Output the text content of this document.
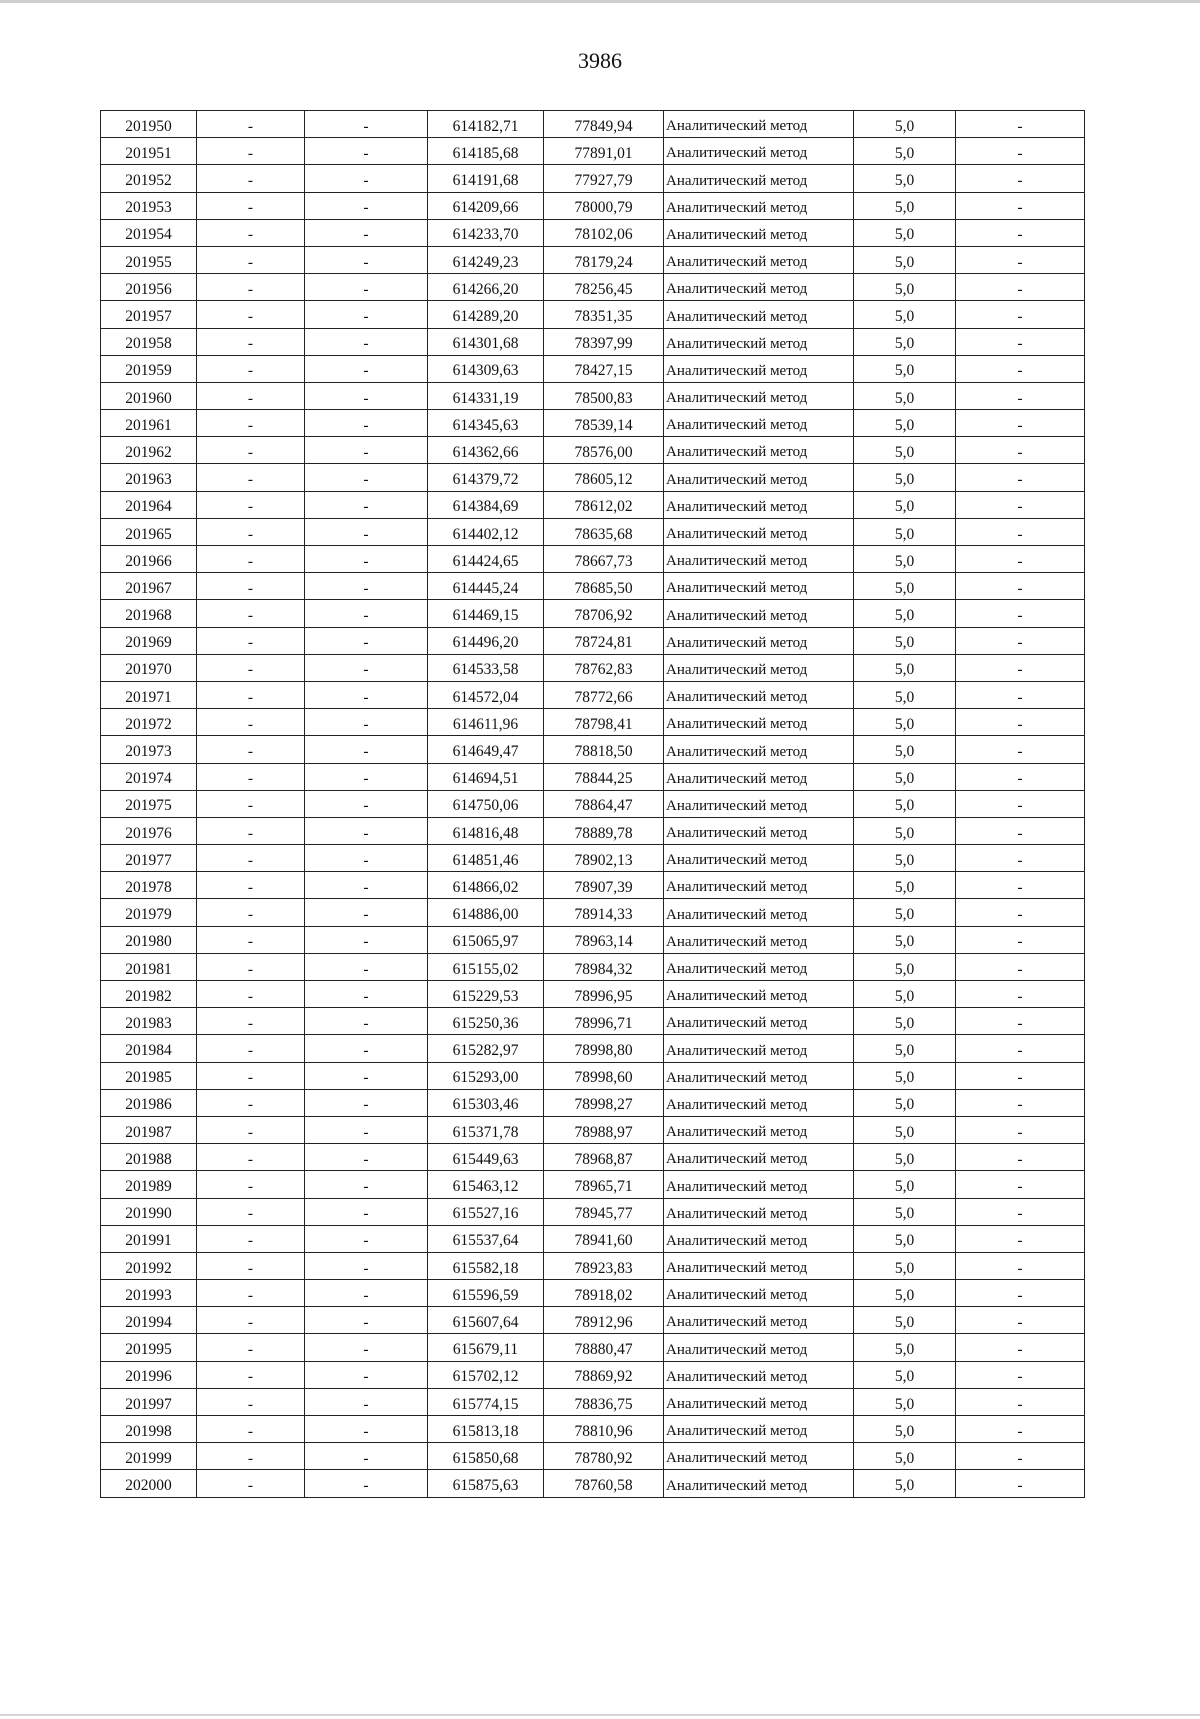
3986
201950	-	-	614182,71	77849,94	Аналитический метод	5,0	-
201951	-	-	614185,68	77891,01	Аналитический метод	5,0	-
201952	-	-	614191,68	77927,79	Аналитический метод	5,0	-
201953	-	-	614209,66	78000,79	Аналитический метод	5,0	-
201954	-	-	614233,70	78102,06	Аналитический метод	5,0	-
201955	-	-	614249,23	78179,24	Аналитический метод	5,0	-
201956	-	-	614266,20	78256,45	Аналитический метод	5,0	-
201957	-	-	614289,20	78351,35	Аналитический метод	5,0	-
201958	-	-	614301,68	78397,99	Аналитический метод	5,0	-
201959	-	-	614309,63	78427,15	Аналитический метод	5,0	-
201960	-	-	614331,19	78500,83	Аналитический метод	5,0	-
201961	-	-	614345,63	78539,14	Аналитический метод	5,0	-
201962	-	-	614362,66	78576,00	Аналитический метод	5,0	-
201963	-	-	614379,72	78605,12	Аналитический метод	5,0	-
201964	-	-	614384,69	78612,02	Аналитический метод	5,0	-
201965	-	-	614402,12	78635,68	Аналитический метод	5,0	-
201966	-	-	614424,65	78667,73	Аналитический метод	5,0	-
201967	-	-	614445,24	78685,50	Аналитический метод	5,0	-
201968	-	-	614469,15	78706,92	Аналитический метод	5,0	-
201969	-	-	614496,20	78724,81	Аналитический метод	5,0	-
201970	-	-	614533,58	78762,83	Аналитический метод	5,0	-
201971	-	-	614572,04	78772,66	Аналитический метод	5,0	-
201972	-	-	614611,96	78798,41	Аналитический метод	5,0	-
201973	-	-	614649,47	78818,50	Аналитический метод	5,0	-
201974	-	-	614694,51	78844,25	Аналитический метод	5,0	-
201975	-	-	614750,06	78864,47	Аналитический метод	5,0	-
201976	-	-	614816,48	78889,78	Аналитический метод	5,0	-
201977	-	-	614851,46	78902,13	Аналитический метод	5,0	-
201978	-	-	614866,02	78907,39	Аналитический метод	5,0	-
201979	-	-	614886,00	78914,33	Аналитический метод	5,0	-
201980	-	-	615065,97	78963,14	Аналитический метод	5,0	-
201981	-	-	615155,02	78984,32	Аналитический метод	5,0	-
201982	-	-	615229,53	78996,95	Аналитический метод	5,0	-
201983	-	-	615250,36	78996,71	Аналитический метод	5,0	-
201984	-	-	615282,97	78998,80	Аналитический метод	5,0	-
201985	-	-	615293,00	78998,60	Аналитический метод	5,0	-
201986	-	-	615303,46	78998,27	Аналитический метод	5,0	-
201987	-	-	615371,78	78988,97	Аналитический метод	5,0	-
201988	-	-	615449,63	78968,87	Аналитический метод	5,0	-
201989	-	-	615463,12	78965,71	Аналитический метод	5,0	-
201990	-	-	615527,16	78945,77	Аналитический метод	5,0	-
201991	-	-	615537,64	78941,60	Аналитический метод	5,0	-
201992	-	-	615582,18	78923,83	Аналитический метод	5,0	-
201993	-	-	615596,59	78918,02	Аналитический метод	5,0	-
201994	-	-	615607,64	78912,96	Аналитический метод	5,0	-
201995	-	-	615679,11	78880,47	Аналитический метод	5,0	-
201996	-	-	615702,12	78869,92	Аналитический метод	5,0	-
201997	-	-	615774,15	78836,75	Аналитический метод	5,0	-
201998	-	-	615813,18	78810,96	Аналитический метод	5,0	-
201999	-	-	615850,68	78780,92	Аналитический метод	5,0	-
202000	-	-	615875,63	78760,58	Аналитический метод	5,0	-
